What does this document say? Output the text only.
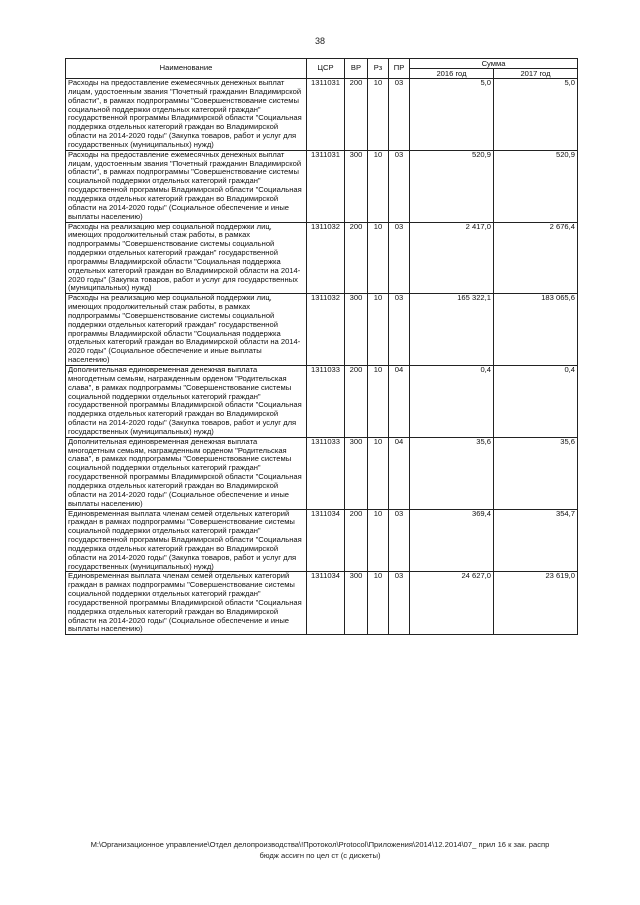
38
Наименование	ЦСР	ВР	Рз	ПР	Сумма	
					2016 год	2017 год
Расходы на предоставление ежемесячных денежных выплат лицам, удостоенным звания "Почетный гражданин Владимирской области", в рамках подпрограммы "Совершенствование системы социальной поддержки отдельных категорий граждан" государственной программы Владимирской области "Социальная поддержка отдельных категорий граждан во Владимирской области на 2014-2020 годы" (Закупка товаров, работ и услуг для государственных (муниципальных) нужд)	1311031	200	10	03	5,0	5,0
Расходы на предоставление ежемесячных денежных выплат лицам, удостоенным звания "Почетный гражданин Владимирской области", в рамках подпрограммы "Совершенствование системы социальной поддержки отдельных категорий граждан" государственной программы Владимирской области "Социальная поддержка отдельных категорий граждан во Владимирской области на 2014-2020 годы" (Социальное обеспечение и иные выплаты населению)	1311031	300	10	03	520,9	520,9
Расходы на реализацию мер социальной поддержки лиц, имеющих продолжительный стаж работы, в рамках подпрограммы "Совершенствование системы социальной поддержки отдельных категорий граждан" государственной программы Владимирской области "Социальная поддержка отдельных категорий граждан во Владимирской области на 2014-2020 годы" (Закупка товаров, работ и услуг для государственных (муниципальных) нужд)	1311032	200	10	03	2 417,0	2 676,4
Расходы на реализацию мер социальной поддержки лиц, имеющих продолжительный стаж работы, в рамках подпрограммы "Совершенствование системы социальной поддержки отдельных категорий граждан" государственной программы Владимирской области "Социальная поддержка отдельных категорий граждан во Владимирской области на 2014-2020 годы" (Социальное обеспечение и иные выплаты населению)	1311032	300	10	03	165 322,1	183 065,6
Дополнительная единовременная денежная выплата многодетным семьям, награжденным орденом "Родительская слава", в рамках подпрограммы "Совершенствование системы социальной поддержки отдельных категорий граждан" государственной программы Владимирской области "Социальная поддержка отдельных категорий граждан во Владимирской области на 2014-2020 годы" (Закупка товаров, работ и услуг для государственных (муниципальных) нужд)	1311033	200	10	04	0,4	0,4
Дополнительная единовременная денежная выплата многодетным семьям, награжденным орденом "Родительская слава", в рамках подпрограммы "Совершенствование системы социальной поддержки отдельных категорий граждан" государственной программы Владимирской области "Социальная поддержка отдельных категорий граждан во Владимирской области на 2014-2020 годы" (Социальное обеспечение и иные выплаты населению)	1311033	300	10	04	35,6	35,6
Единовременная выплата членам семей отдельных категорий граждан в рамках подпрограммы "Совершенствование системы социальной поддержки отдельных категорий граждан" государственной программы Владимирской области "Социальная поддержка отдельных категорий граждан во Владимирской области на 2014-2020 годы" (Закупка товаров, работ и услуг для государственных (муниципальных) нужд)	1311034	200	10	03	369,4	354,7
Единовременная выплата членам семей отдельных категорий граждан в рамках подпрограммы "Совершенствование системы социальной поддержки отдельных категорий граждан" государственной программы Владимирской области "Социальная поддержка отдельных категорий граждан во Владимирской области на 2014-2020 годы" (Социальное обеспечение и иные выплаты населению)	1311034	300	10	03	24 627,0	23 619,0
M:\Организационное управление\Отдел делопроизводства\!Протокол\Protocol\Приложения\2014\12.2014\07_ прил 16 к зак. распр
бюдж ассигн по цел ст (с дискеты)
